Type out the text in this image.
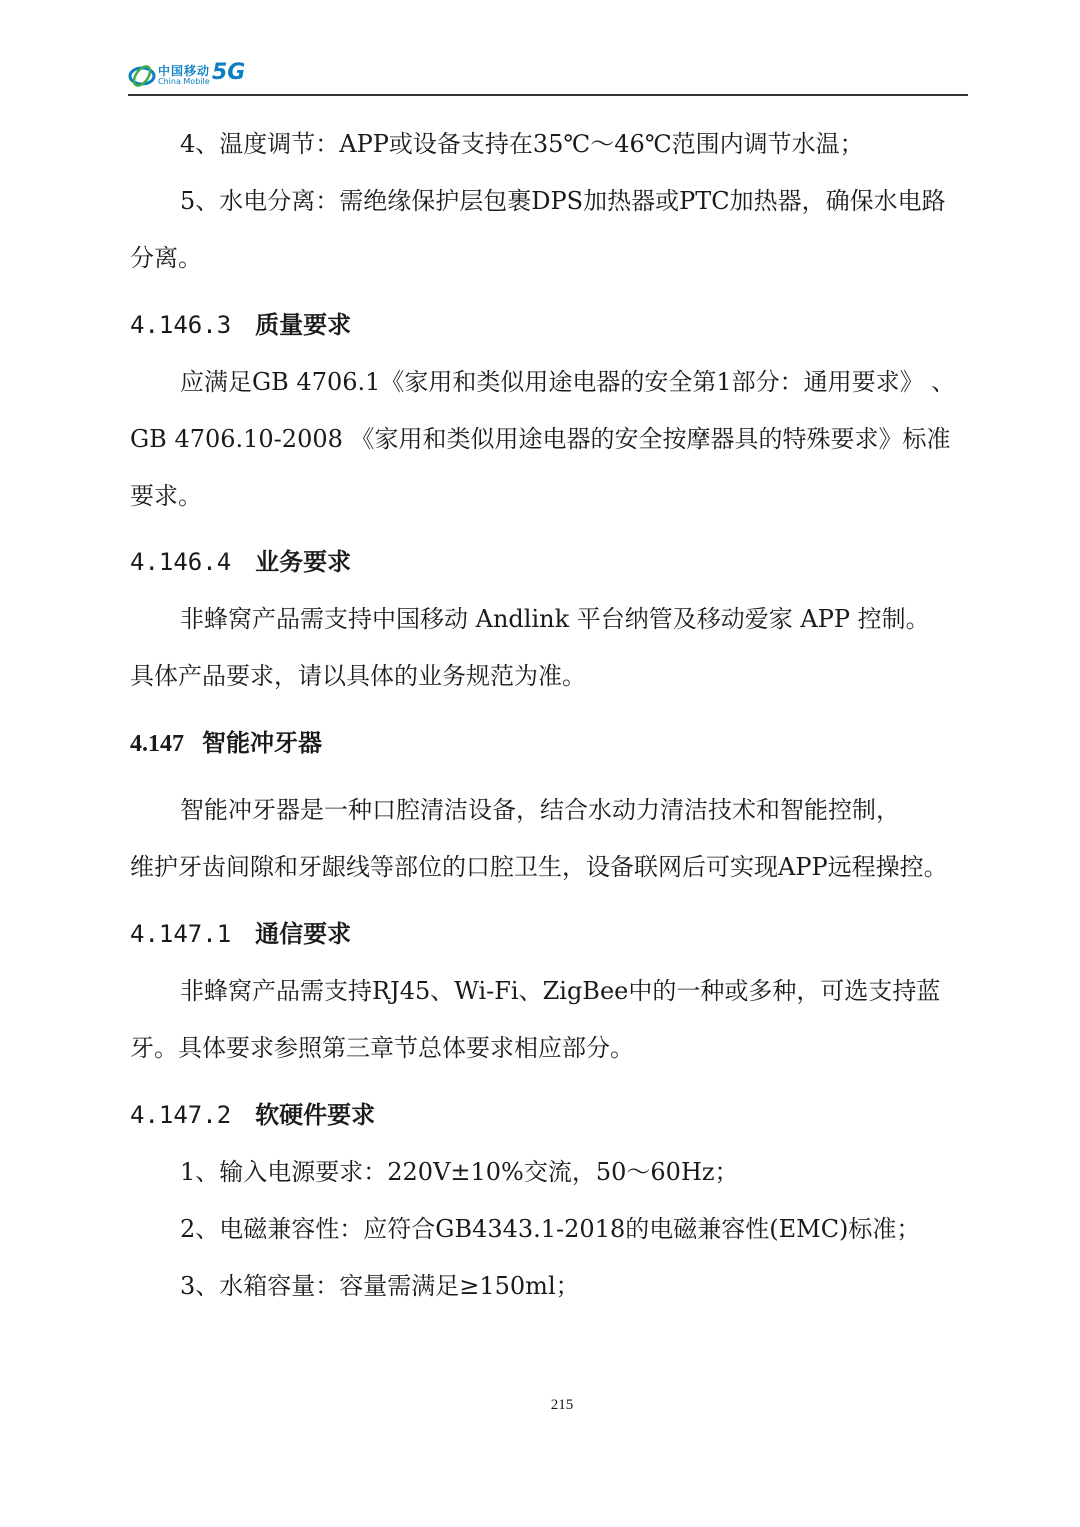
中国移动
China Mobile 5G
4、温度调节：APP或设备支持在35℃～46℃范围内调节水温；
5、水电分离：需绝缘保护层包裹DPS加热器或PTC加热器，确保水电路
分离。
4.146.3 质量要求
应满足GB 4706.1《家用和类似用途电器的安全第1部分：通用要求》 、
GB 4706.10-2008 《家用和类似用途电器的安全按摩器具的特殊要求》标准
要求。
4.146.4 业务要求
非蜂窝产品需支持中国移动 Andlink 平台纳管及移动爱家 APP 控制。
具体产品要求，请以具体的业务规范为准。
4.147 智能冲牙器
智能冲牙器是一种口腔清洁设备，结合水动力清洁技术和智能控制，
维护牙齿间隙和牙龈线等部位的口腔卫生，设备联网后可实现APP远程操控。
4.147.1 通信要求
非蜂窝产品需支持RJ45、Wi-Fi、ZigBee中的一种或多种，可选支持蓝
牙。具体要求参照第三章节总体要求相应部分。
4.147.2 软硬件要求
1、输入电源要求：220V±10%交流，50～60Hz；
2、电磁兼容性：应符合GB4343.1-2018的电磁兼容性(EMC)标准；
3、水箱容量：容量需满足≥150ml；
215
